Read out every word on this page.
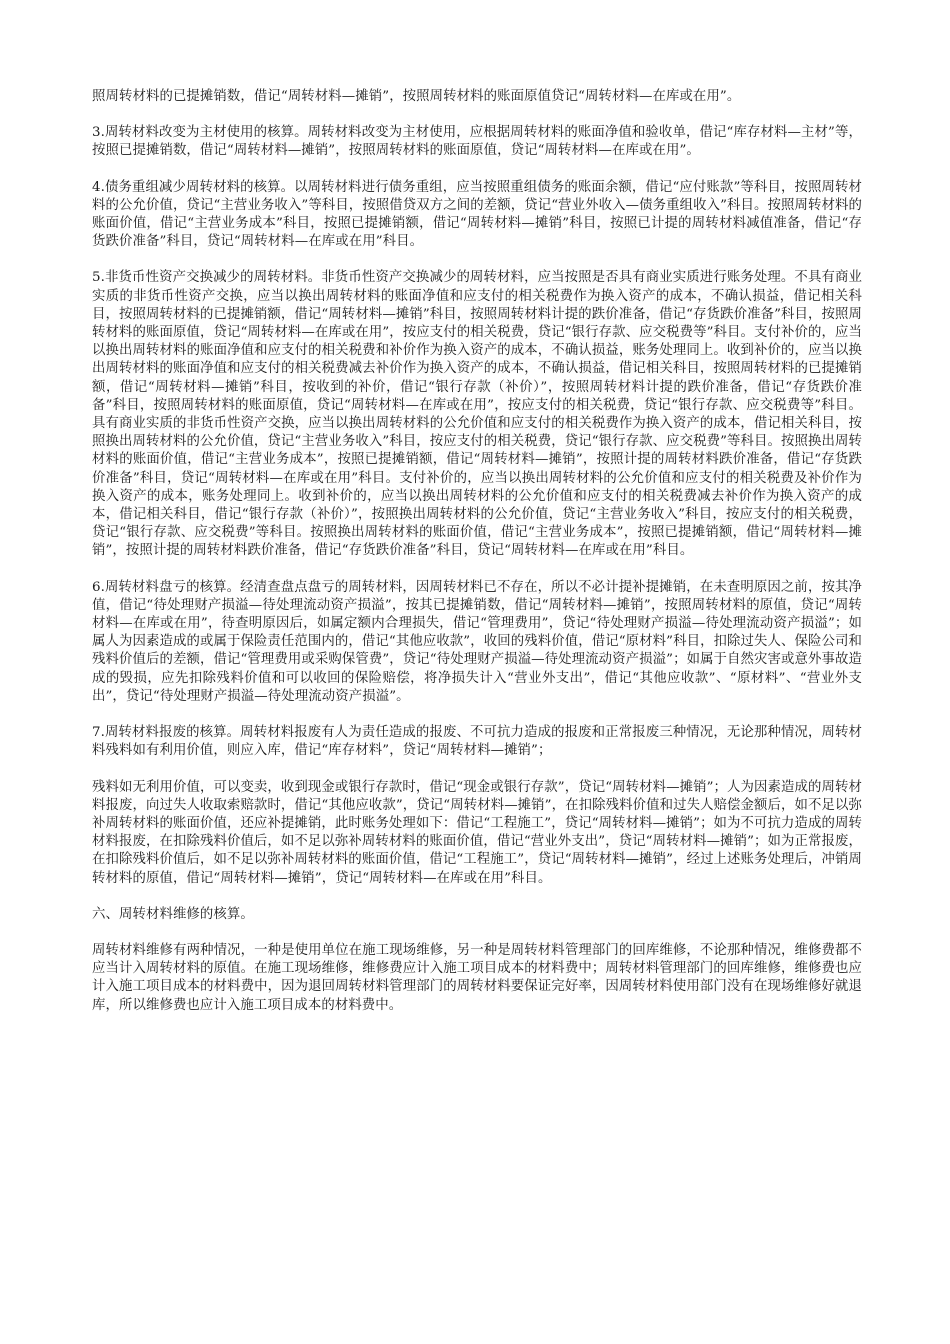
照周转材料的已提摊销数，借记“周转材料—摊销”，按照周转材料的账面原值贷记“周转材料—在库或在用”。

3.周转材料改变为主材使用的核算。周转材料改变为主材使用，应根据周转材料的账面净值和验收单，借记“库存材料—主材”等，按照已提摊销数，借记“周转材料—摊销”，按照周转材料的账面原值，贷记“周转材料—在库或在用”。

4.债务重组减少周转材料的核算。以周转材料进行债务重组，应当按照重组债务的账面余额，借记“应付账款”等科目，按照周转材料的公允价值，贷记“主营业务收入”等科目，按照借贷双方之间的差额，贷记“营业外收入—债务重组收入”科目。按照周转材料的账面价值，借记“主营业务成本”科目，按照已提摊销额，借记“周转材料—摊销”科目，按照已计提的周转材料减值准备，借记“存货跌价准备”科目，贷记“周转材料—在库或在用”科目。

5.非货币性资产交换减少的周转材料。非货币性资产交换减少的周转材料，应当按照是否具有商业实质进行账务处理。不具有商业实质的非货币性资产交换，应当以换出周转材料的账面净值和应支付的相关税费作为换入资产的成本，不确认损益，借记相关科目，按照周转材料的已提摊销额，借记“周转材料—摊销”科目，按照周转材料计提的跌价准备，借记“存货跌价准备”科目，按照周转材料的账面原值，贷记“周转材料—在库或在用”，按应支付的相关税费，贷记“银行存款、应交税费等”科目。支付补价的，应当以换出周转材料的账面净值和应支付的相关税费和补价作为换入资产的成本，不确认损益，账务处理同上。收到补价的，应当以换出周转材料的账面净值和应支付的相关税费减去补价作为换入资产的成本，不确认损益，借记相关科目，按照周转材料的已提摊销额，借记“周转材料—摊销”科目，按收到的补价，借记“银行存款（补价）”，按照周转材料计提的跌价准备，借记“存货跌价准备”科目，按照周转材料的账面原值，贷记“周转材料—在库或在用”，按应支付的相关税费，贷记“银行存款、应交税费等”科目。具有商业实质的非货币性资产交换，应当以换出周转材料的公允价值和应支付的相关税费作为换入资产的成本，借记相关科目，按照换出周转材料的公允价值，贷记“主营业务收入”科目，按应支付的相关税费，贷记“银行存款、应交税费”等科目。按照换出周转材料的账面价值，借记“主营业务成本”，按照已提摊销额，借记“周转材料—摊销”，按照计提的周转材料跌价准备，借记“存货跌价准备”科目，贷记“周转材料—在库或在用”科目。支付补价的，应当以换出周转材料的公允价值和应支付的相关税费及补价作为换入资产的成本，账务处理同上。收到补价的，应当以换出周转材料的公允价值和应支付的相关税费减去补价作为换入资产的成本，借记相关科目，借记“银行存款（补价）”，按照换出周转材料的公允价值，贷记“主营业务收入”科目，按应支付的相关税费，贷记“银行存款、应交税费”等科目。按照换出周转材料的账面价值，借记“主营业务成本”，按照已提摊销额，借记“周转材料—摊销”，按照计提的周转材料跌价准备，借记“存货跌价准备”科目，贷记“周转材料—在库或在用”科目。

6.周转材料盘亏的核算。经清查盘点盘亏的周转材料，因周转材料已不存在，所以不必计提补提摊销，在未查明原因之前，按其净值，借记“待处理财产损溢—待处理流动资产损溢”，按其已提摊销数，借记“周转材料—摊销”，按照周转材料的原值，贷记“周转材料—在库或在用”，待查明原因后，如属定额内合理损失，借记“管理费用”，贷记“待处理财产损溢—待处理流动资产损溢”；如属人为因素造成的或属于保险责任范围内的，借记“其他应收款”，收回的残料价值，借记“原材料”科目，扣除过失人、保险公司和残料价值后的差额，借记“管理费用或采购保管费”，贷记“待处理财产损溢—待处理流动资产损溢”；如属于自然灾害或意外事故造成的毁损，应先扣除残料价值和可以收回的保险赔偿，将净损失计入“营业外支出”，借记“其他应收款”、“原材料”、“营业外支出”，贷记“待处理财产损溢—待处理流动资产损溢”。

7.周转材料报废的核算。周转材料报废有人为责任造成的报废、不可抗力造成的报废和正常报废三种情况，无论那种情况，周转材料残料如有利用价值，则应入库，借记“库存材料”，贷记“周转材料—摊销”；

残料如无利用价值，可以变卖，收到现金或银行存款时，借记“现金或银行存款”，贷记“周转材料—摊销”；人为因素造成的周转材料报废，向过失人收取索赔款时，借记“其他应收款”，贷记“周转材料—摊销”，在扣除残料价值和过失人赔偿金额后，如不足以弥补周转材料的账面价值，还应补提摊销，此时账务处理如下：借记“工程施工”，贷记“周转材料—摊销”；如为不可抗力造成的周转材料报废，在扣除残料价值后，如不足以弥补周转材料的账面价值，借记“营业外支出”，贷记“周转材料—摊销”；如为正常报废，在扣除残料价值后，如不足以弥补周转材料的账面价值，借记“工程施工”，贷记“周转材料—摊销”，经过上述账务处理后，冲销周转材料的原值，借记“周转材料—摊销”，贷记“周转材料—在库或在用”科目。

六、周转材料维修的核算。

周转材料维修有两种情况，一种是使用单位在施工现场维修，另一种是周转材料管理部门的回库维修，不论那种情况，维修费都不应当计入周转材料的原值。在施工现场维修，维修费应计入施工项目成本的材料费中；周转材料管理部门的回库维修，维修费也应计入施工项目成本的材料费中，因为退回周转材料管理部门的周转材料要保证完好率，因周转材料使用部门没有在现场维修好就退库，所以维修费也应计入施工项目成本的材料费中。
